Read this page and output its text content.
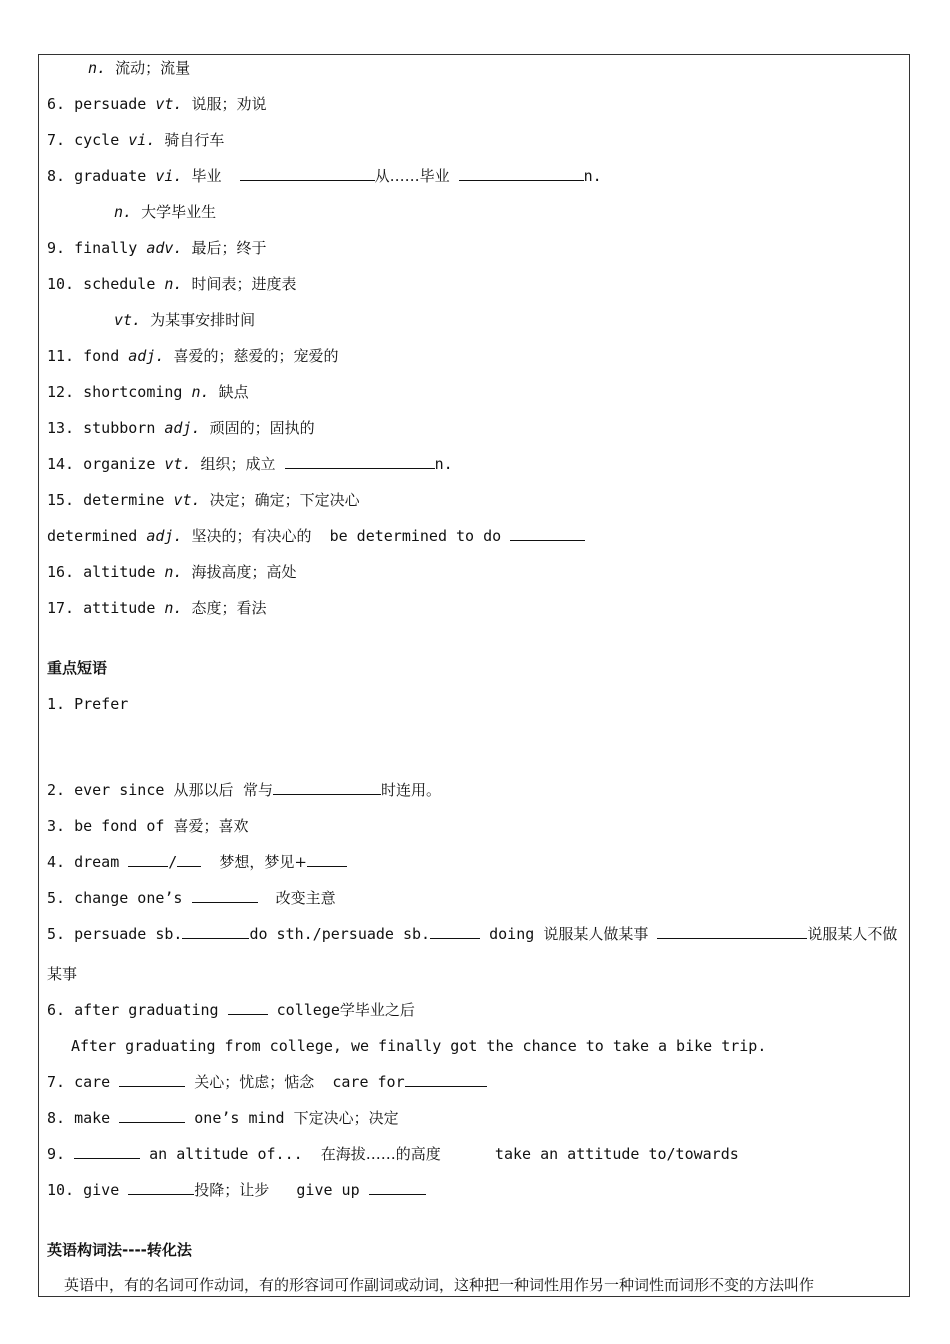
n. 流动；流量
6. persuade vt. 说服；劝说
7. cycle vi. 骑自行车
8. graduate vi. 毕业	从……毕业	n.
n. 大学毕业生
9. finally adv. 最后；终于
10. schedule n. 时间表；进度表
vt. 为某事安排时间
11. fond adj. 喜爱的；慈爱的；宠爱的
12. shortcoming n. 缺点
13. stubborn adj. 顽固的；固执的
14. organize vt. 组织；成立	n.
15. determine vt. 决定；确定；下定决心
determined adj. 坚决的；有决心的 be determined to do
16. altitude n. 海拔高度；高处
17. attitude n. 态度；看法
重点短语
1. Prefer
2. ever since 从那以后  常与	时连用。
3. be fond of 喜爱；喜欢
4. dream	/	梦想，梦见+
5. change one’s	改变主意
5. persuade sb.	do sth./persuade sb.	doing 说服某人做某事	说服某人不做
某事
6. after graduating	college学毕业之后
After graduating from college, we finally got the chance to take a bike trip.
7. care	关心；忧虑；惦念 care for
8. make	one’s mind 下定决心；决定
9.	an altitude of...  在海拔……的高度	take an attitude to/towards
10. give	投降；让步 give up
英语构词法----转化法
英语中，有的名词可作动词，有的形容词可作副词或动词，这种把一种词性用作另一种词性而词形不变的方法叫作
